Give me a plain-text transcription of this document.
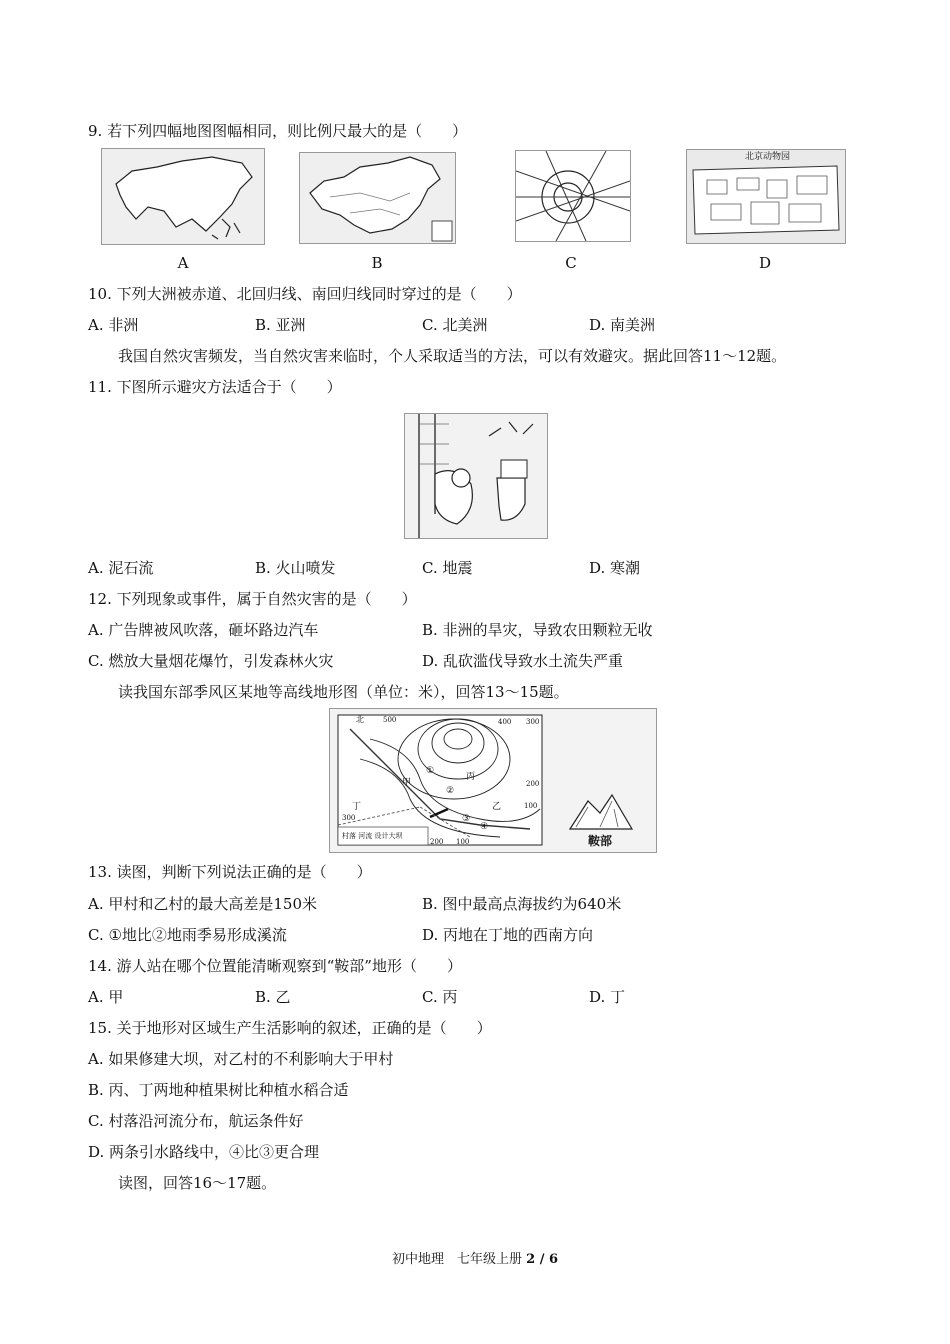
9. 若下列四幅地图图幅相同，则比例尺最大的是（　　）
北京动物园
A	B	C	D
10. 下列大洲被赤道、北回归线、南回归线同时穿过的是（　　）
A. 非洲	B. 亚洲	C. 北美洲	D. 南美洲
我国自然灾害频发，当自然灾害来临时，个人采取适当的方法，可以有效避灾。据此回答11～12题。
11. 下图所示避灾方法适合于（　　）
A. 泥石流	B. 火山喷发	C. 地震	D. 寒潮
12. 下列现象或事件，属于自然灾害的是（　　）
A. 广告牌被风吹落，砸坏路边汽车	B. 非洲的旱灾，导致农田颗粒无收
C. 燃放大量烟花爆竹，引发森林火灾	D. 乱砍滥伐导致水土流失严重
读我国东部季风区某地等高线地形图（单位：米），回答13～15题。
北	500	400 300
200
100
300
200 100
甲
乙
丙
丁
①
②
③
④
村落 河流 设计大坝	鞍部
13. 读图，判断下列说法正确的是（　　）
A. 甲村和乙村的最大高差是150米	B. 图中最高点海拔约为640米
C. ①地比②地雨季易形成溪流	D. 丙地在丁地的西南方向
14. 游人站在哪个位置能清晰观察到“鞍部”地形（　　）
A. 甲	B. 乙	C. 丙	D. 丁
15. 关于地形对区域生产生活影响的叙述，正确的是（　　）
A. 如果修建大坝，对乙村的不利影响大于甲村
B. 丙、丁两地种植果树比种植水稻合适
C. 村落沿河流分布，航运条件好
D. 两条引水路线中，④比③更合理
读图，回答16～17题。
初中地理　七年级上册 2 / 6
